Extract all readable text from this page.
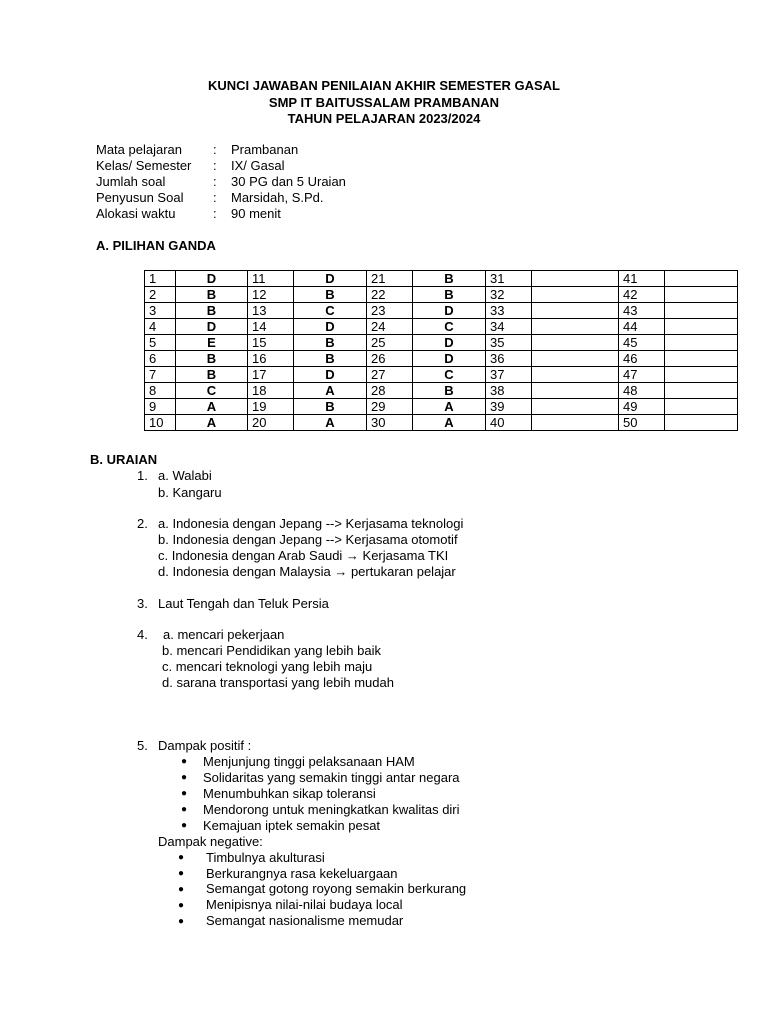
KUNCI JAWABAN PENILAIAN AKHIR SEMESTER GASAL
SMP IT BAITUSSALAM PRAMBANAN
TAHUN PELAJARAN 2023/2024
Mata pelajaran : Prambanan
Kelas/ Semester : IX/ Gasal
Jumlah soal	: 30 PG dan 5 Uraian
Penyusun Soal : Marsidah, S.Pd.
Alokasi waktu	: 90 menit
A. PILIHAN GANDA
1	D	11	D	21	B	31		41	
2	B	12	B	22	B	32		42	
3	B	13	C	23	D	33		43	
4	D	14	D	24	C	34		44	
5	E	15	B	25	D	35		45	
6	B	16	B	26	D	36		46	
7	B	17	D	27	C	37		47	
8	C	18	A	28	B	38		48	
9	A	19	B	29	A	39		49	
10	A	20	A	30	A	40		50	
B. URAIAN
1. a. Walabi
b. Kangaru
2. a. Indonesia dengan Jepang --> Kerjasama teknologi
b. Indonesia dengan Jepang --> Kerjasama otomotif
c. Indonesia dengan Arab Saudi → Kerjasama TKI
d. Indonesia dengan Malaysia → pertukaran pelajar
3. Laut Tengah dan Teluk Persia
4. a. mencari pekerjaan
b. mencari Pendidikan yang lebih baik
c. mencari teknologi yang lebih maju
d. sarana transportasi yang lebih mudah
5. Dampak positif :
● Menjunjung tinggi pelaksanaan HAM
● Solidaritas yang semakin tinggi antar negara
● Menumbuhkan sikap toleransi
● Mendorong untuk meningkatkan kwalitas diri
● Kemajuan iptek semakin pesat
Dampak negative:
● Timbulnya akulturasi
● Berkurangnya rasa kekeluargaan
● Semangat gotong royong semakin berkurang
● Menipisnya nilai-nilai budaya local
● Semangat nasionalisme memudar
